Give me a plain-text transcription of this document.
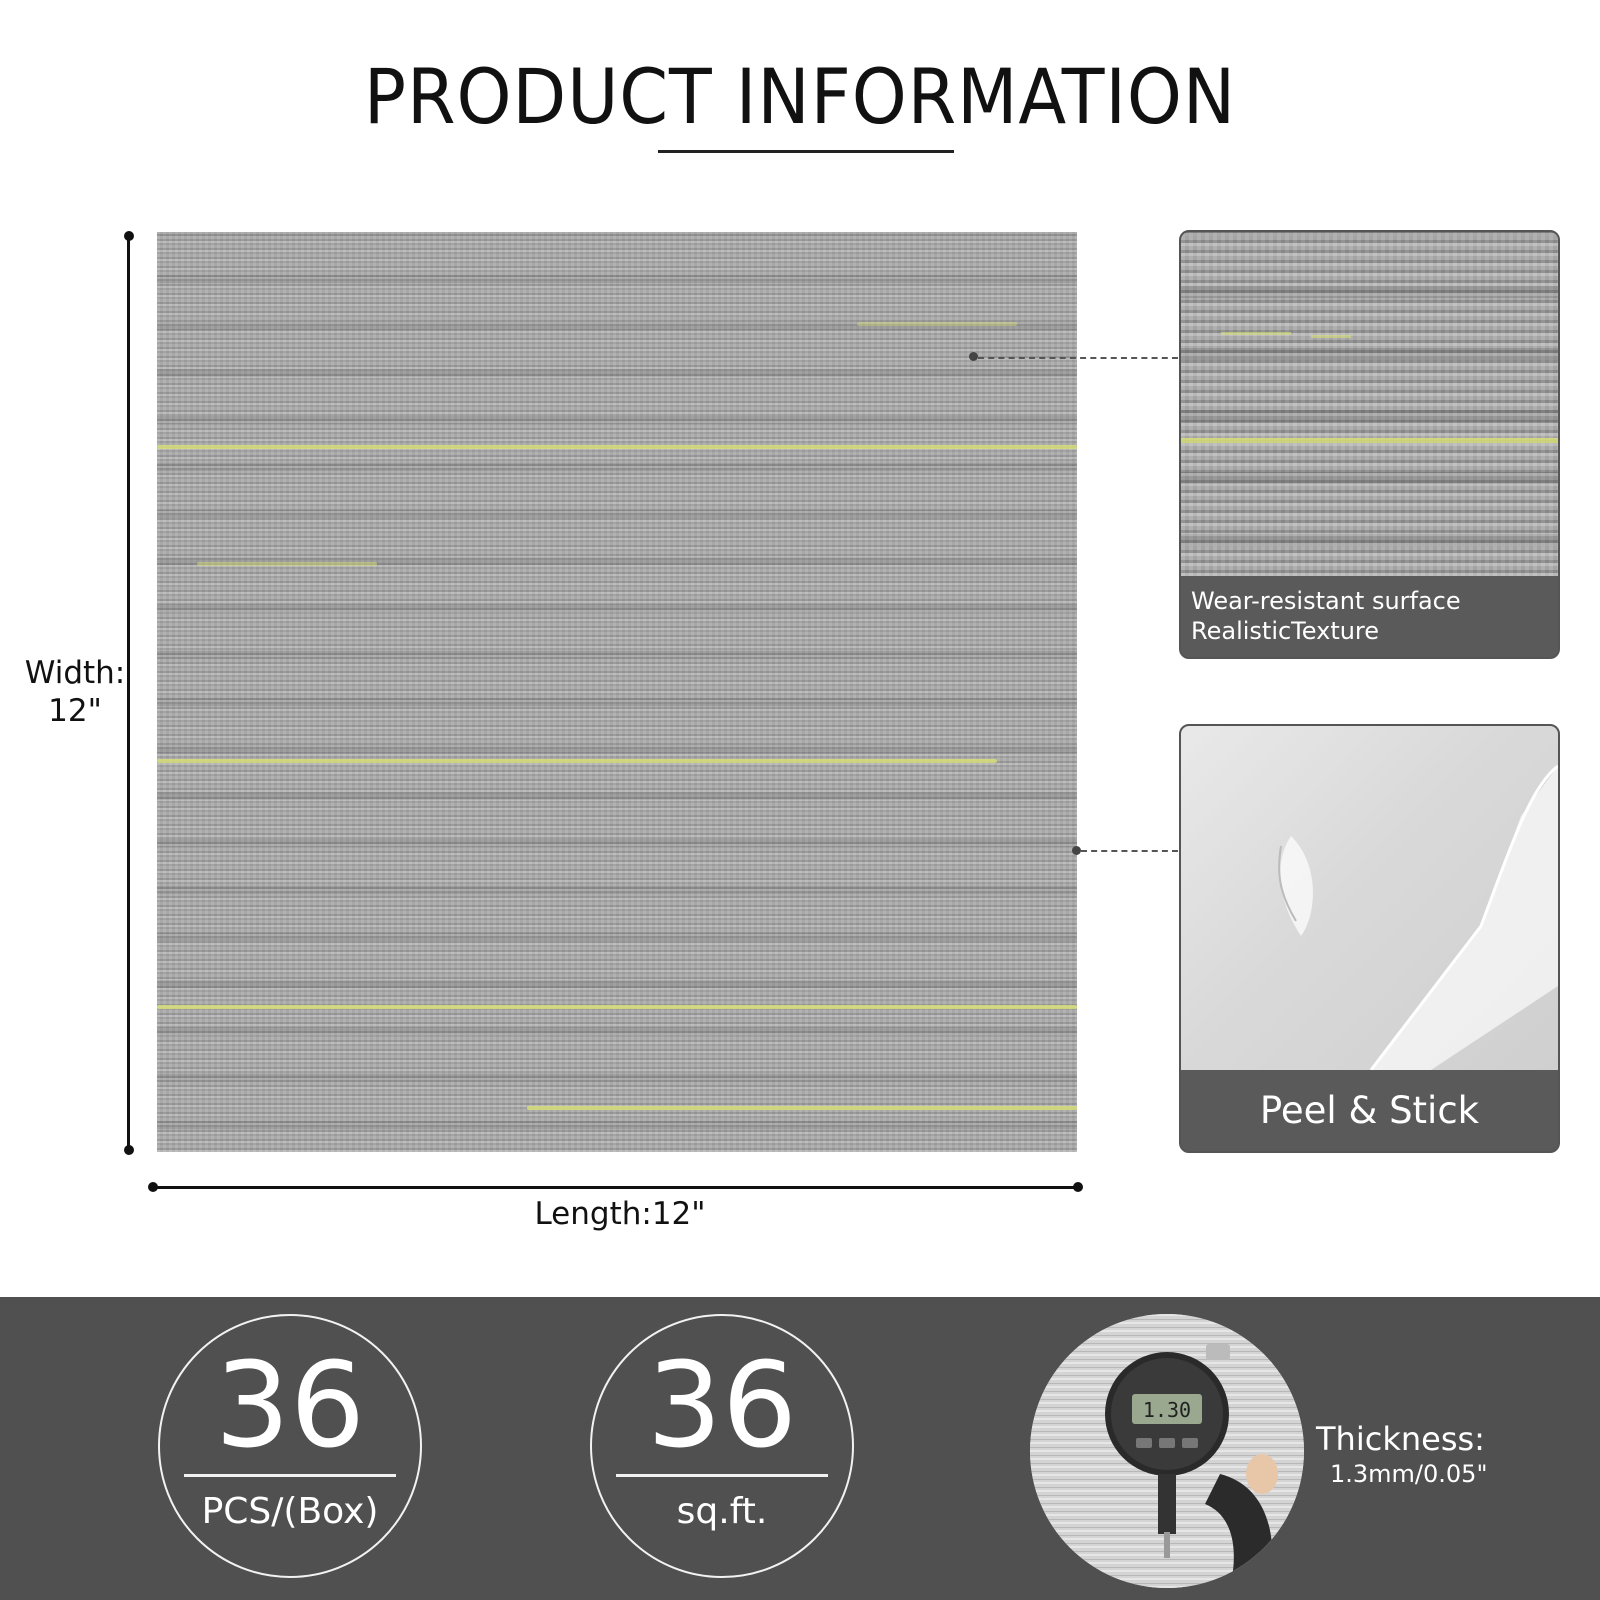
PRODUCT INFORMATION
Width:
12"
Length:12"
Wear-resistant surface
RealisticTexture
Peel & Stick
36
PCS/(Box)
36
sq.ft.
1.30
Thickness:
1.3mm/0.05"
